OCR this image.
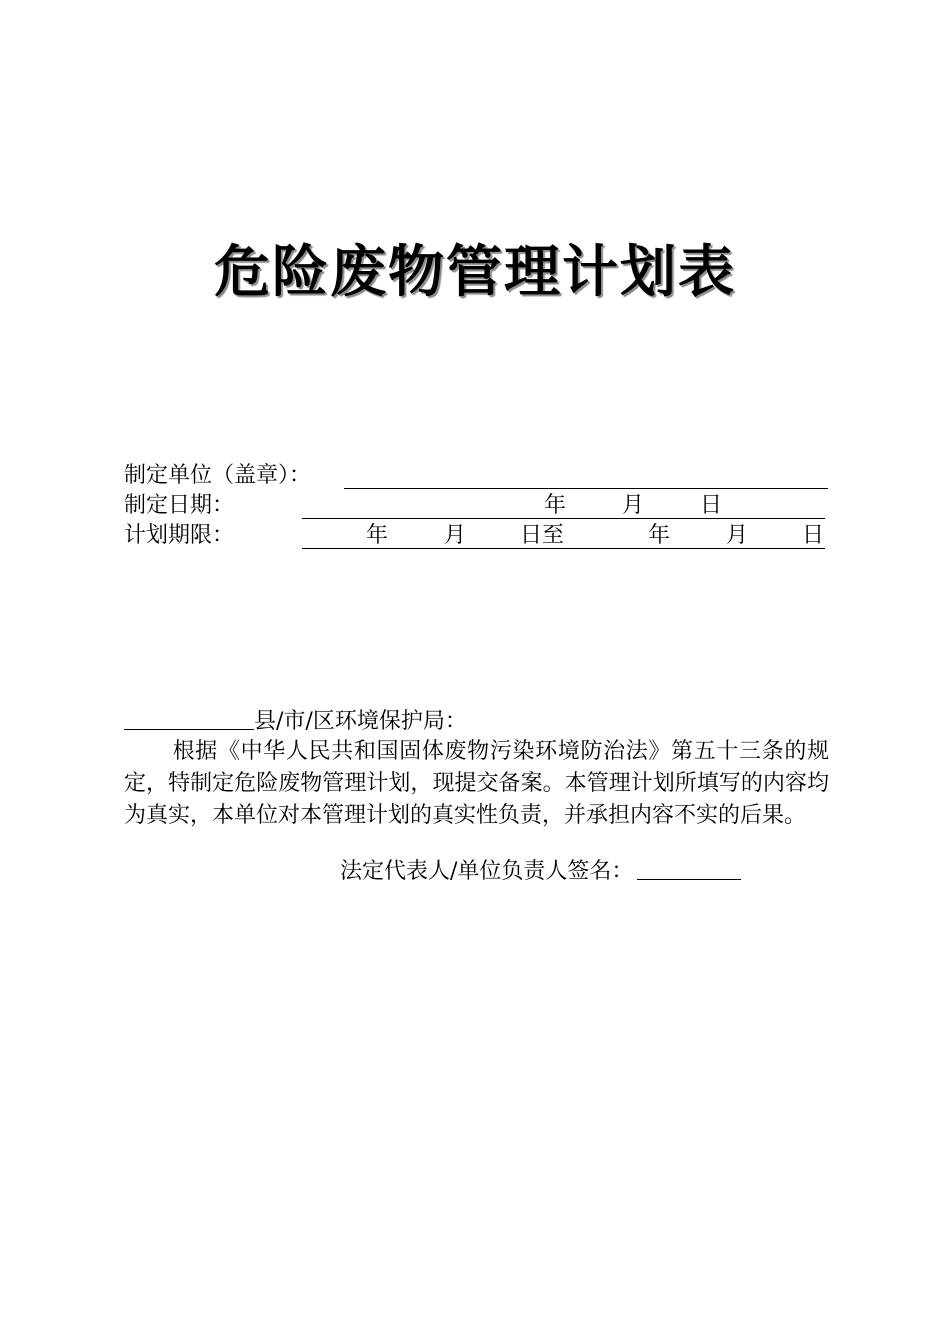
危险废物管理计划表
制定单位（盖章）：
制定日期：	年	月	日
计划期限：	年	月 日至	年	月 日
县/市/区环境保护局：
根据《中华人民共和国固体废物污染环境防治法》第五十三条的规定，特制定危险废物管理计划，现提交备案。本管理计划所填写的内容均为真实，本单位对本管理计划的真实性负责，并承担内容不实的后果。
法定代表人/单位负责人签名：
